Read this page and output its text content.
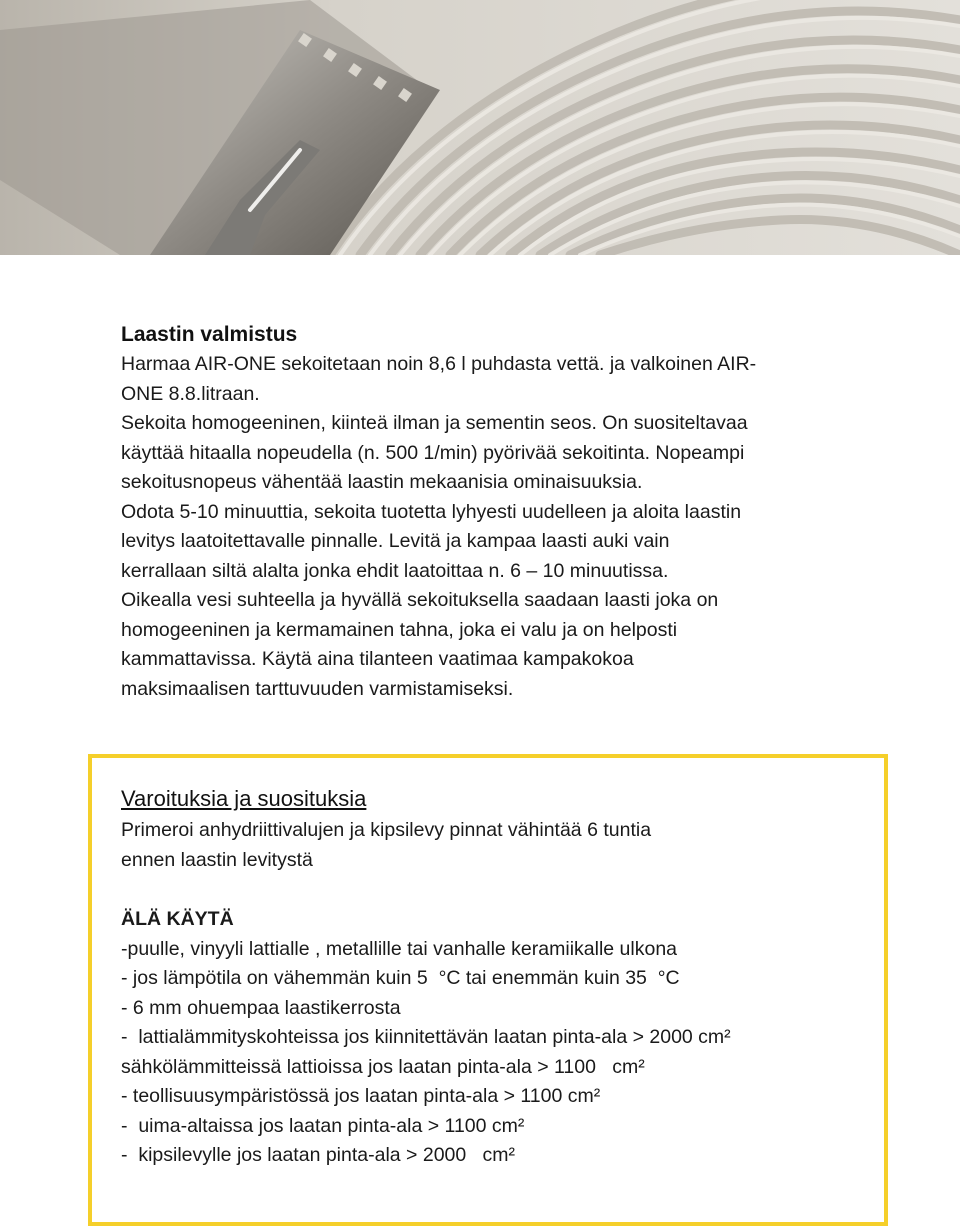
Laastin valmistus
Harmaa AIR-ONE sekoitetaan noin 8,6 l puhdasta vettä. ja valkoinen AIR-
ONE 8.8.litraan.
Sekoita homogeeninen, kiinteä ilman ja sementin seos. On suositeltavaa
käyttää hitaalla nopeudella (n. 500 1/min) pyörivää sekoitinta. Nopeampi
sekoitusnopeus vähentää laastin mekaanisia ominaisuuksia.
Odota 5-10 minuuttia, sekoita tuotetta lyhyesti uudelleen ja aloita laastin
levitys laatoitettavalle pinnalle. Levitä ja kampaa laasti auki vain
kerrallaan siltä alalta jonka ehdit laatoittaa n. 6 – 10 minuutissa.
Oikealla vesi suhteella ja hyvällä sekoituksella saadaan laasti joka on
homogeeninen ja kermamainen tahna, joka ei valu ja on helposti
kammattavissa. Käytä aina tilanteen vaatimaa kampakokoa
maksimaalisen tarttuvuuden varmistamiseksi.
Varoituksia ja suosituksia
Primeroi anhydriittivalujen ja kipsilevy pinnat vähintää 6 tuntia
ennen laastin levitystä
ÄLÄ KÄYTÄ
-puulle, vinyyli lattialle , metallille tai vanhalle keramiikalle ulkona
- jos lämpötila on vähemmän kuin 5  °C tai enemmän kuin 35  °C
- 6 mm ohuempaa laastikerrosta
-  lattialämmityskohteissa jos kiinnitettävän laatan pinta-ala > 2000 cm²
sähkölämmitteissä lattioissa jos laatan pinta-ala > 1100   cm²
- teollisuusympäristössä jos laatan pinta-ala > 1100 cm²
-  uima-altaissa jos laatan pinta-ala > 1100 cm²
-  kipsilevylle jos laatan pinta-ala > 2000   cm²
